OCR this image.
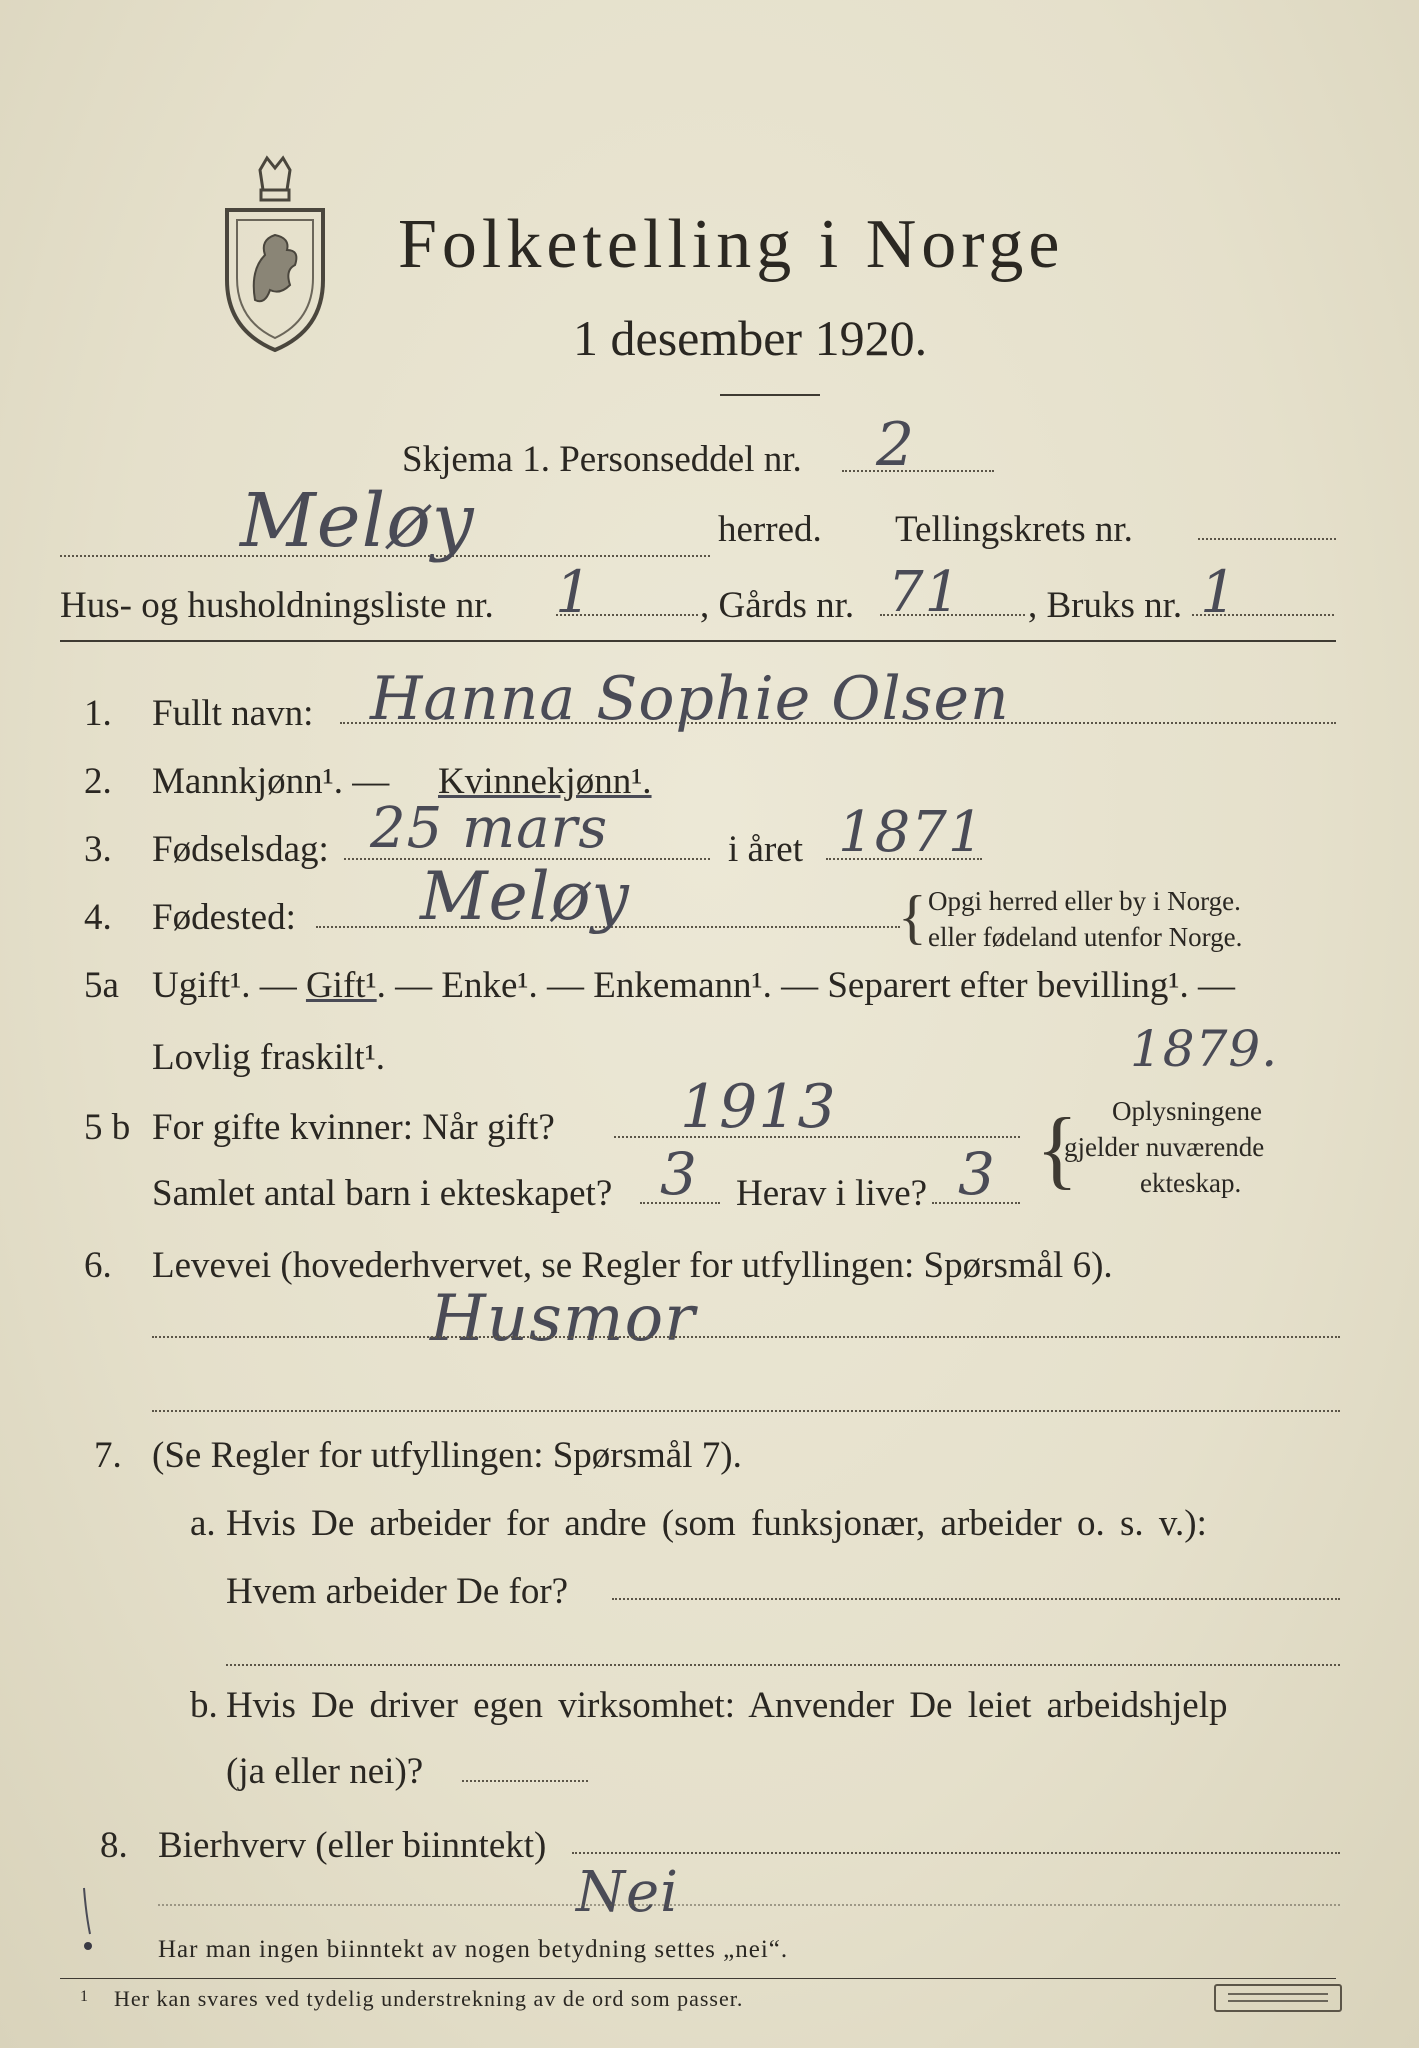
Folketelling i Norge
1 desember 1920.
Skjema 1. Personseddel nr. 2
Meløy	herred. Tellingskrets nr.
Hus- og husholdningsliste nr. 1	, Gårds nr. 71 , Bruks nr. 1
1. Fullt navn: Hanna Sophie Olsen
2. Mannkjønn¹. — Kvinnekjønn¹.
3. Fødselsdag: 25 mars	i året 1871
4. Fødested: Meløy	{ Opgi herred eller by i Norge.
eller fødeland utenfor Norge.
5a Ugift¹. — Gift¹. — Enke¹. — Enkemann¹. — Separert efter bevilling¹. —
Lovlig fraskilt¹.	1879.
5 b For gifte kvinner: Når gift? 1913
Samlet antal barn i ekteskapet? 3 Herav i live? 3 { Oplysningene
gjelder nuværende
ekteskap.
6. Levevei (hovederhvervet, se Regler for utfyllingen: Spørsmål 6).
Husmor
7. (Se Regler for utfyllingen: Spørsmål 7).
a. Hvis De arbeider for andre (som funksjonær, arbeider o. s. v.):
Hvem arbeider De for?
b. Hvis De driver egen virksomhet: Anvender De leiet arbeidshjelp
(ja eller nei)?
8. Bierhverv (eller biinntekt)
Nei
Har man ingen biinntekt av nogen betydning settes „nei“.
1 Her kan svares ved tydelig understrekning av de ord som passer.
